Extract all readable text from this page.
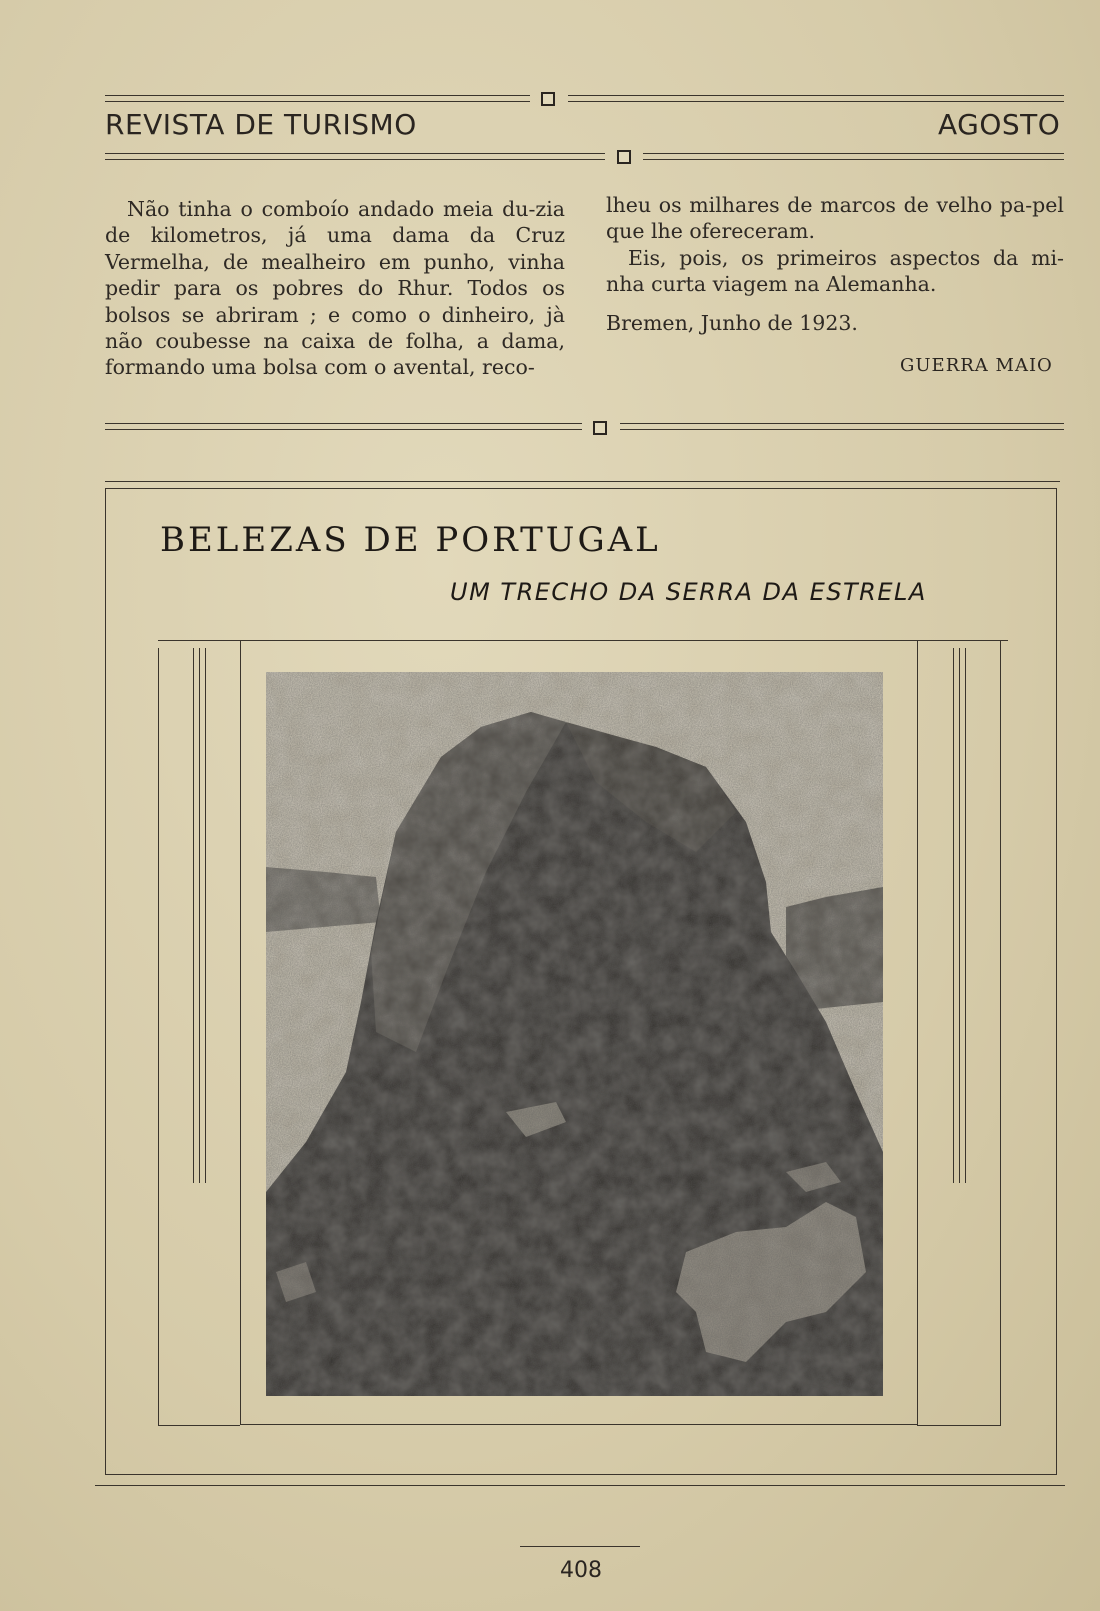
REVISTA DE TURISMO	AGOSTO

Não tinha o comboío andado meia du-zia de kilometros, já uma dama da Cruz Vermelha, de mealheiro em punho, vinha pedir para os pobres do Rhur. Todos os bolsos se abriram ; e como o dinheiro, jà não coubesse na caixa de folha, a dama, formando uma bolsa com o avental, reco-

lheu os milhares de marcos de velho pa-pel que lhe ofereceram.

Eis, pois, os primeiros aspectos da mi-nha curta viagem na Alemanha.

Bremen, Junho de 1923.

GUERRA MAIO
BELEZAS DE PORTUGAL
UM TRECHO DA SERRA DA ESTRELA
408
